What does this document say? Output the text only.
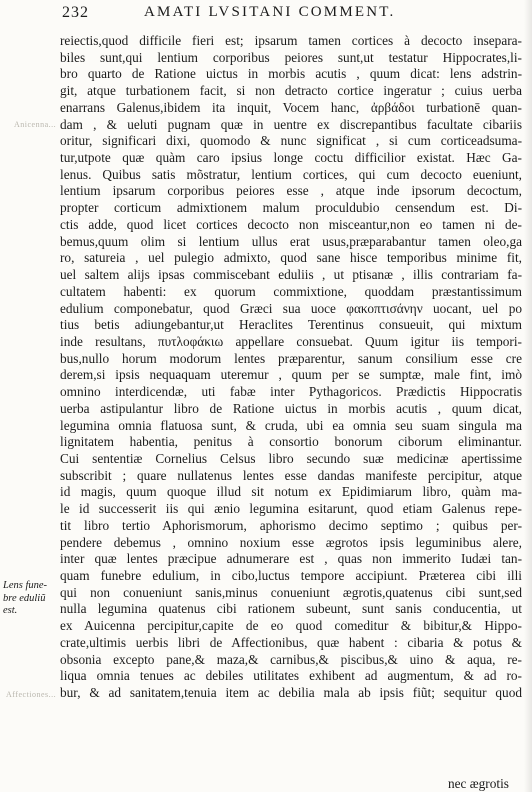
232	AMATI LVSITANI COMMENT.
Anicenna...
Affectiones...
Lens fune-
bre eduliũ
est.
reiectis,quod difficile fieri est; ipsarum tamen cortices à decocto insepara-
biles sunt,qui lentium corporibus peiores sunt,ut testatur Hippocrates,li-
bro quarto de Ratione uictus in morbis acutis , quum dicat: lens adstrin-
git, atque turbationem facit, si non detracto cortice ingeratur ; cuius uerba
enarrans Galenus,ibidem ita inquit, Vocem hanc, ἀρβάδοι turbationē quan-
dam , & ueluti pugnam quæ in uentre ex discrepantibus facultate cibariis
oritur, significari dixi, quomodo & nunc significat , si cum corticeadsuma-
tur,utpote quæ quàm caro ipsius longe coctu difficilior existat. Hæc Ga-
lenus. Quibus satis mõstratur, lentium cortices, qui cum decocto eueniunt,
lentium ipsarum corporibus peiores esse , atque inde ipsorum decoctum,
propter corticum admixtionem malum proculdubio censendum est. Di-
ctis adde, quod licet cortices decocto non misceantur,non eo tamen ni de-
bemus,quum olim si lentium ullus erat usus,præparabantur tamen oleo,ga
ro, satureia , uel pulegio admixto, quod sane hisce temporibus minime fit,
uel saltem alijs ipsas commiscebant eduliis , ut ptisanæ , illis contrariam fa-
cultatem habenti: ex quorum commixtione, quoddam præstantissimum
edulium componebatur, quod Græci sua uoce φακοπτισάνην uocant, uel po
tius betis adiungebantur,ut Heraclites Terentinus consueuit, qui mixtum
inde resultans, πυτλοφάκιω appellare consuebat. Quum igitur iis tempori-
bus,nullo horum modorum lentes præparentur, sanum consilium esse cre
derem,si ipsis nequaquam uteremur , quum per se sumptæ, male fint, imò
omnino interdicendæ, uti fabæ inter Pythagoricos. Prædictis Hippocratis
uerba astipulantur libro de Ratione uictus in morbis acutis , quum dicat,
legumina omnia flatuosa sunt, & cruda, ubi ea omnia seu suam singula ma
lignitatem habentia, penitus à consortio bonorum ciborum eliminantur.
Cui sententiæ Cornelius Celsus libro secundo suæ medicinæ apertissime
subscribit ; quare nullatenus lentes esse dandas manifeste percipitur, atque
id magis, quum quoque illud sit notum ex Epidimiarum libro, quàm ma-
le id successerit iis qui ænio legumina esitarunt, quod etiam Galenus repe-
tit libro tertio Aphorismorum, aphorismo decimo septimo ; quibus per-
pendere debemus , omnino noxium esse ægrotos ipsis leguminibus alere,
inter quæ lentes præcipue adnumerare est , quas non immerito Iudæi tan-
quam funebre edulium, in cibo,luctus tempore accipiunt. Præterea cibi illi
qui non conueniunt sanis,minus conueniunt ægrotis,quatenus cibi sunt,sed
nulla legumina quatenus cibi rationem subeunt, sunt sanis conducentia, ut
ex Auicenna percipitur,capite de eo quod comeditur & bibitur,& Hippo-
crate,ultimis uerbis libri de Affectionibus, quæ habent : cibaria & potus &
obsonia excepto pane,& maza,& carnibus,& piscibus,& uino & aqua, re-
liqua omnia tenues ac debiles utilitates exhibent ad augmentum, & ad ro-
bur, & ad sanitatem,tenuia item ac debilia mala ab ipsis fiũt; sequitur quod
nec ægrotis
